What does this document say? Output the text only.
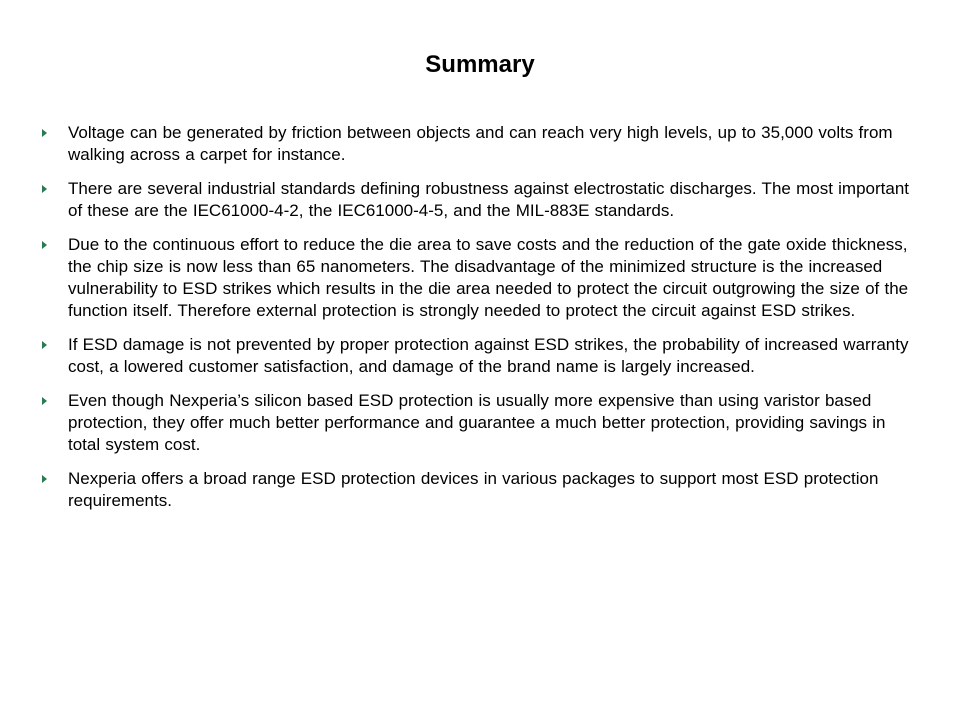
Summary
Voltage can be generated by friction between objects and can reach very high levels, up to 35,000 volts from walking across a carpet for instance.
There are several industrial standards defining robustness against electrostatic discharges. The most important of these are the IEC61000-4-2, the IEC61000-4-5, and the MIL-883E standards.
Due to the continuous effort to reduce the die area to save costs and the reduction of the gate oxide thickness, the chip size is now less than 65 nanometers. The disadvantage of the minimized structure is the increased vulnerability to ESD strikes which results in the die area needed to protect the circuit outgrowing the size of the function itself. Therefore external protection is strongly needed to protect the circuit against ESD strikes.
If ESD damage is not prevented by proper protection against ESD strikes, the probability of increased warranty cost, a lowered customer satisfaction, and damage of the brand name is largely increased.
Even though Nexperia’s silicon based ESD protection is usually more expensive than using varistor based protection, they offer much better performance and guarantee a much better protection, providing savings in total system cost.
Nexperia offers a broad range ESD protection devices in various packages to support most ESD protection requirements.
